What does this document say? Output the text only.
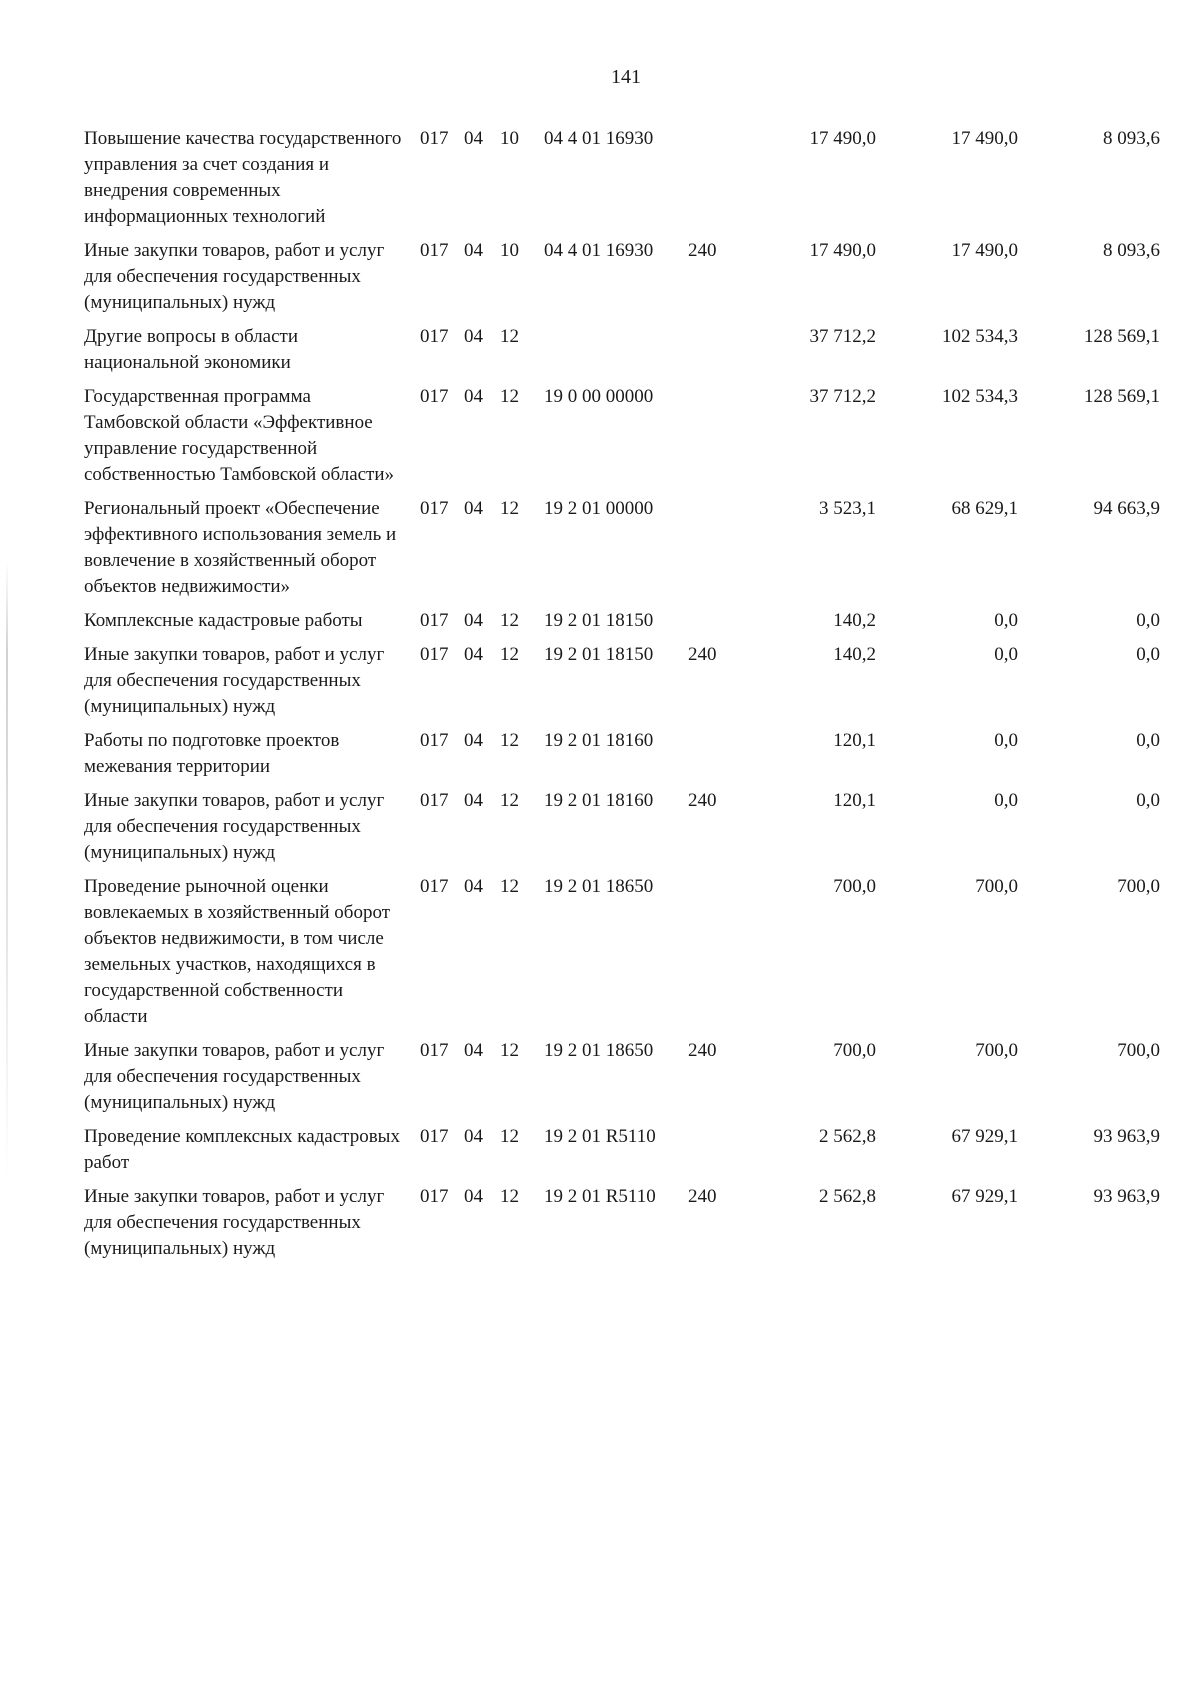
141
Повышение качества государственного управления за счет создания и внедрения современных информационных технологий	017	04	10	04 4 01 16930		17 490,0	17 490,0	8 093,6
Иные закупки товаров, работ и услуг для обеспечения государственных (муниципальных) нужд	017	04	10	04 4 01 16930	240	17 490,0	17 490,0	8 093,6
Другие вопросы в области национальной экономики	017	04	12			37 712,2	102 534,3	128 569,1
Государственная программа Тамбовской области «Эффективное управление государственной собственностью Тамбовской области»	017	04	12	19 0 00 00000		37 712,2	102 534,3	128 569,1
Региональный проект «Обеспечение эффективного использования земель и вовлечение в хозяйственный оборот объектов недвижимости»	017	04	12	19 2 01 00000		3 523,1	68 629,1	94 663,9
Комплексные кадастровые работы	017	04	12	19 2 01 18150		140,2	0,0	0,0
Иные закупки товаров, работ и услуг для обеспечения государственных (муниципальных) нужд	017	04	12	19 2 01 18150	240	140,2	0,0	0,0
Работы по подготовке проектов межевания территории	017	04	12	19 2 01 18160		120,1	0,0	0,0
Иные закупки товаров, работ и услуг для обеспечения государственных (муниципальных) нужд	017	04	12	19 2 01 18160	240	120,1	0,0	0,0
Проведение рыночной оценки вовлекаемых в хозяйственный оборот объектов недвижимости, в том числе земельных участков, находящихся в государственной собственности области	017	04	12	19 2 01 18650		700,0	700,0	700,0
Иные закупки товаров, работ и услуг для обеспечения государственных (муниципальных) нужд	017	04	12	19 2 01 18650	240	700,0	700,0	700,0
Проведение комплексных кадастровых работ	017	04	12	19 2 01 R5110		2 562,8	67 929,1	93 963,9
Иные закупки товаров, работ и услуг для обеспечения государственных (муниципальных) нужд	017	04	12	19 2 01 R5110	240	2 562,8	67 929,1	93 963,9
